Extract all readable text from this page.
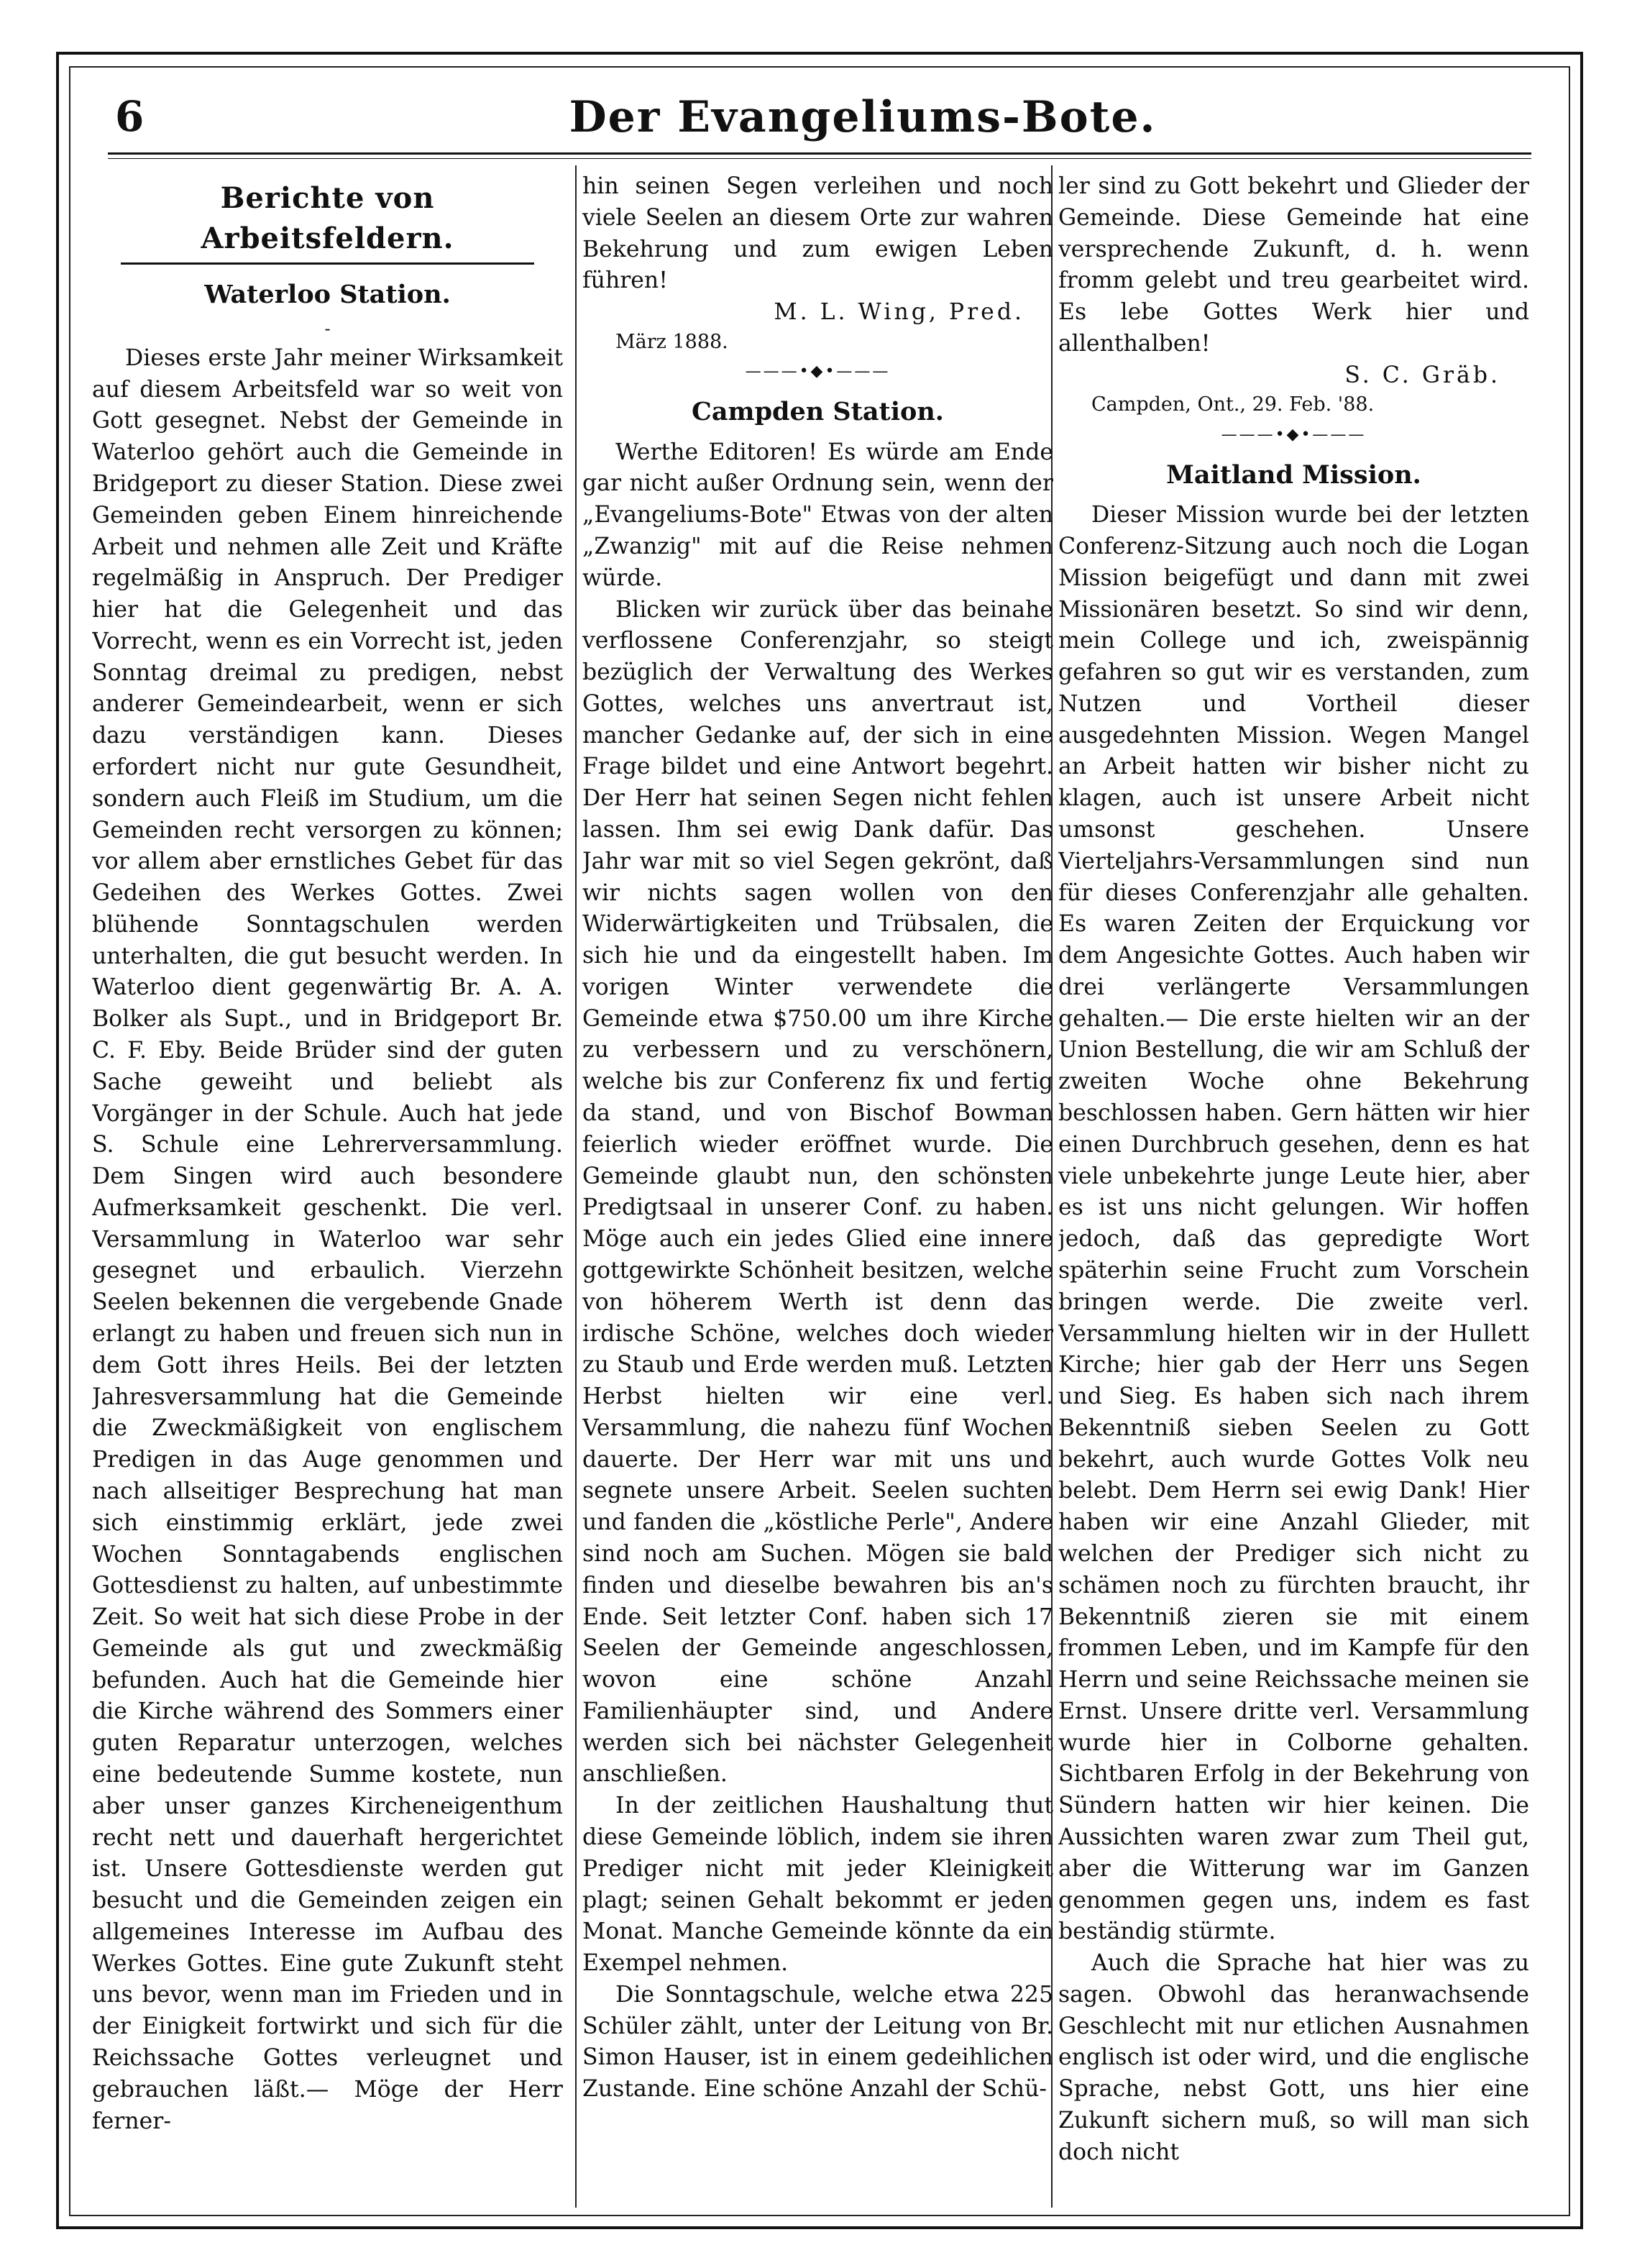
6	Der Evangeliums-Bote.
Berichte von Arbeitsfeldern.
Waterloo Station.
-

Dieses erste Jahr meiner Wirksamkeit auf diesem Arbeitsfeld war so weit von Gott gesegnet. Nebst der Gemeinde in Waterloo gehört auch die Gemeinde in Bridgeport zu dieser Station. Diese zwei Gemeinden geben Einem hinreichende Arbeit und nehmen alle Zeit und Kräfte regelmäßig in Anspruch. Der Prediger hier hat die Gelegenheit und das Vorrecht, wenn es ein Vorrecht ist, jeden Sonntag dreimal zu predigen, nebst anderer Gemeindearbeit, wenn er sich dazu verständigen kann. Dieses erfordert nicht nur gute Gesundheit, sondern auch Fleiß im Studium, um die Gemeinden recht versorgen zu können; vor allem aber ernstliches Gebet für das Gedeihen des Werkes Gottes. Zwei blühende Sonntagschulen werden unterhalten, die gut besucht werden. In Waterloo dient gegenwärtig Br. A. A. Bolker als Supt., und in Bridgeport Br. C. F. Eby. Beide Brüder sind der guten Sache geweiht und beliebt als Vorgänger in der Schule. Auch hat jede S. Schule eine Lehrerversammlung. Dem Singen wird auch besondere Aufmerksamkeit geschenkt. Die verl. Versammlung in Waterloo war sehr gesegnet und erbaulich. Vierzehn Seelen bekennen die vergebende Gnade erlangt zu haben und freuen sich nun in dem Gott ihres Heils. Bei der letzten Jahresversammlung hat die Gemeinde die Zweckmäßigkeit von englischem Predigen in das Auge genommen und nach allseitiger Besprechung hat man sich einstimmig erklärt, jede zwei Wochen Sonntagabends englischen Gottesdienst zu halten, auf unbestimmte Zeit. So weit hat sich diese Probe in der Gemeinde als gut und zweckmäßig befunden. Auch hat die Gemeinde hier die Kirche während des Sommers einer guten Reparatur unterzogen, welches eine bedeutende Summe kostete, nun aber unser ganzes Kircheneigenthum recht nett und dauerhaft hergerichtet ist. Unsere Gottesdienste werden gut besucht und die Gemeinden zeigen ein allgemeines Interesse im Aufbau des Werkes Gottes. Eine gute Zukunft steht uns bevor, wenn man im Frieden und in der Einigkeit fortwirkt und sich für die Reichssache Gottes verleugnet und gebrauchen läßt.— Möge der Herr ferner-

hin seinen Segen verleihen und noch viele Seelen an diesem Orte zur wahren Bekehrung und zum ewigen Leben führen!

M. L. Wing, Pred.
März 1888.
———•◆•———
Campden Station.

Werthe Editoren! Es würde am Ende gar nicht außer Ordnung sein, wenn der „Evangeliums-Bote" Etwas von der alten „Zwanzig" mit auf die Reise nehmen würde.

Blicken wir zurück über das beinahe verflossene Conferenzjahr, so steigt bezüglich der Verwaltung des Werkes Gottes, welches uns anvertraut ist, mancher Gedanke auf, der sich in eine Frage bildet und eine Antwort begehrt. Der Herr hat seinen Segen nicht fehlen lassen. Ihm sei ewig Dank dafür. Das Jahr war mit so viel Segen gekrönt, daß wir nichts sagen wollen von den Widerwärtigkeiten und Trübsalen, die sich hie und da eingestellt haben. Im vorigen Winter verwendete die Gemeinde etwa $750.00 um ihre Kirche zu verbessern und zu verschönern, welche bis zur Conferenz fix und fertig da stand, und von Bischof Bowman feierlich wieder eröffnet wurde. Die Gemeinde glaubt nun, den schönsten Predigtsaal in unserer Conf. zu haben. Möge auch ein jedes Glied eine innere gottgewirkte Schönheit besitzen, welche von höherem Werth ist denn das irdische Schöne, welches doch wieder zu Staub und Erde werden muß. Letzten Herbst hielten wir eine verl. Versammlung, die nahezu fünf Wochen dauerte. Der Herr war mit uns und segnete unsere Arbeit. Seelen suchten und fanden die „köstliche Perle", Andere sind noch am Suchen. Mögen sie bald finden und dieselbe bewahren bis an's Ende. Seit letzter Conf. haben sich 17 Seelen der Gemeinde angeschlossen, wovon eine schöne Anzahl Familienhäupter sind, und Andere werden sich bei nächster Gelegenheit anschließen.

In der zeitlichen Haushaltung thut diese Gemeinde löblich, indem sie ihren Prediger nicht mit jeder Kleinigkeit plagt; seinen Gehalt bekommt er jeden Monat. Manche Gemeinde könnte da ein Exempel nehmen.

Die Sonntagschule, welche etwa 225 Schüler zählt, unter der Leitung von Br. Simon Hauser, ist in einem gedeihlichen Zustande. Eine schöne Anzahl der Schü-

ler sind zu Gott bekehrt und Glieder der Gemeinde. Diese Gemeinde hat eine versprechende Zukunft, d. h. wenn fromm gelebt und treu gearbeitet wird. Es lebe Gottes Werk hier und allenthalben!

S. C. Gräb.
Campden, Ont., 29. Feb. '88.
———•◆•———
Maitland Mission.

Dieser Mission wurde bei der letzten Conferenz-Sitzung auch noch die Logan Mission beigefügt und dann mit zwei Missionären besetzt. So sind wir denn, mein College und ich, zweispännig gefahren so gut wir es verstanden, zum Nutzen und Vortheil dieser ausgedehnten Mission. Wegen Mangel an Arbeit hatten wir bisher nicht zu klagen, auch ist unsere Arbeit nicht umsonst geschehen. Unsere Vierteljahrs-Versammlungen sind nun für dieses Conferenzjahr alle gehalten. Es waren Zeiten der Erquickung vor dem Angesichte Gottes. Auch haben wir drei verlängerte Versammlungen gehalten.— Die erste hielten wir an der Union Bestellung, die wir am Schluß der zweiten Woche ohne Bekehrung beschlossen haben. Gern hätten wir hier einen Durchbruch gesehen, denn es hat viele unbekehrte junge Leute hier, aber es ist uns nicht gelungen. Wir hoffen jedoch, daß das gepredigte Wort späterhin seine Frucht zum Vorschein bringen werde. Die zweite verl. Versammlung hielten wir in der Hullett Kirche; hier gab der Herr uns Segen und Sieg. Es haben sich nach ihrem Bekenntniß sieben Seelen zu Gott bekehrt, auch wurde Gottes Volk neu belebt. Dem Herrn sei ewig Dank! Hier haben wir eine Anzahl Glieder, mit welchen der Prediger sich nicht zu schämen noch zu fürchten braucht, ihr Bekenntniß zieren sie mit einem frommen Leben, und im Kampfe für den Herrn und seine Reichssache meinen sie Ernst. Unsere dritte verl. Versammlung wurde hier in Colborne gehalten. Sichtbaren Erfolg in der Bekehrung von Sündern hatten wir hier keinen. Die Aussichten waren zwar zum Theil gut, aber die Witterung war im Ganzen genommen gegen uns, indem es fast beständig stürmte.

Auch die Sprache hat hier was zu sagen. Obwohl das heranwachsende Geschlecht mit nur etlichen Ausnahmen englisch ist oder wird, und die englische Sprache, nebst Gott, uns hier eine Zukunft sichern muß, so will man sich doch nicht
